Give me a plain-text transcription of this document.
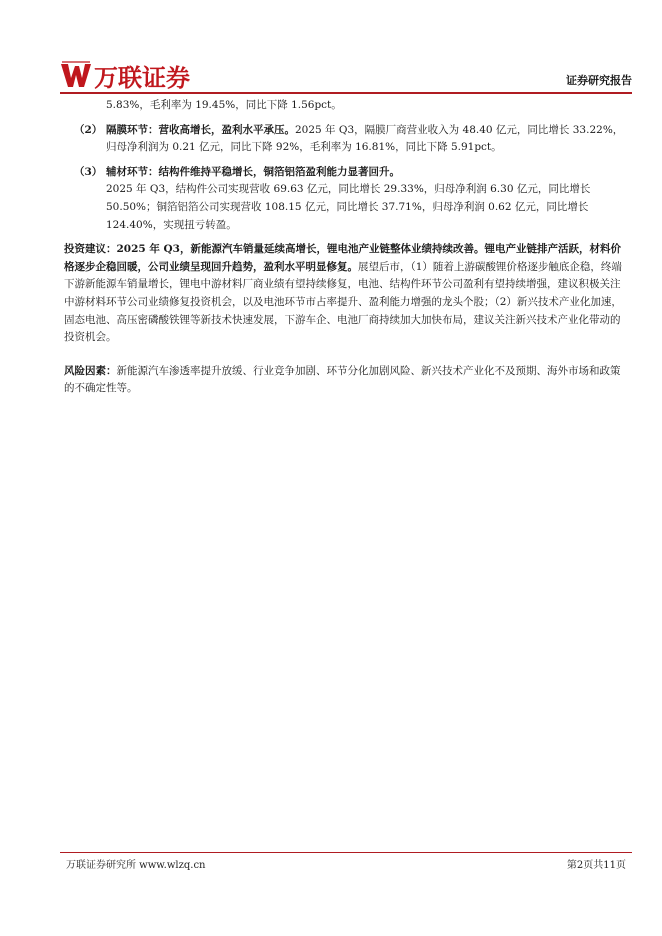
万联证券	证券研究报告

5.83%，毛利率为 19.45%，同比下降 1.56pct。

（2） 隔膜环节：营收高增长，盈利水平承压。2025 年 Q3，隔膜厂商营业收入为 48.40 亿元，同比增长 33.22%，归母净利润为 0.21 亿元，同比下降 92%，毛利率为 16.81%，同比下降 5.91pct。
（3） 辅材环节：结构件维持平稳增长，铜箔铝箔盈利能力显著回升。
2025 年 Q3，结构件公司实现营收 69.63 亿元，同比增长 29.33%，归母净利润 6.30 亿元，同比增长 50.50%；铜箔铝箔公司实现营收 108.15 亿元，同比增长 37.71%，归母净利润 0.62 亿元，同比增长 124.40%，实现扭亏转盈。

投资建议：2025 年 Q3，新能源汽车销量延续高增长，锂电池产业链整体业绩持续改善。锂电产业链排产活跃，材料价格逐步企稳回暖，公司业绩呈现回升趋势，盈利水平明显修复。展望后市，（1）随着上游碳酸锂价格逐步触底企稳，终端下游新能源车销量增长，锂电中游材料厂商业绩有望持续修复，电池、结构件环节公司盈利有望持续增强，建议积极关注中游材料环节公司业绩修复投资机会，以及电池环节市占率提升、盈利能力增强的龙头个股；（2）新兴技术产业化加速，固态电池、高压密磷酸铁锂等新技术快速发展，下游车企、电池厂商持续加大加快布局，建议关注新兴技术产业化带动的投资机会。

风险因素：新能源汽车渗透率提升放缓、行业竞争加剧、环节分化加剧风险、新兴技术产业化不及预期、海外市场和政策的不确定性等。

万联证券研究所 www.wlzq.cn	第2页共11页
